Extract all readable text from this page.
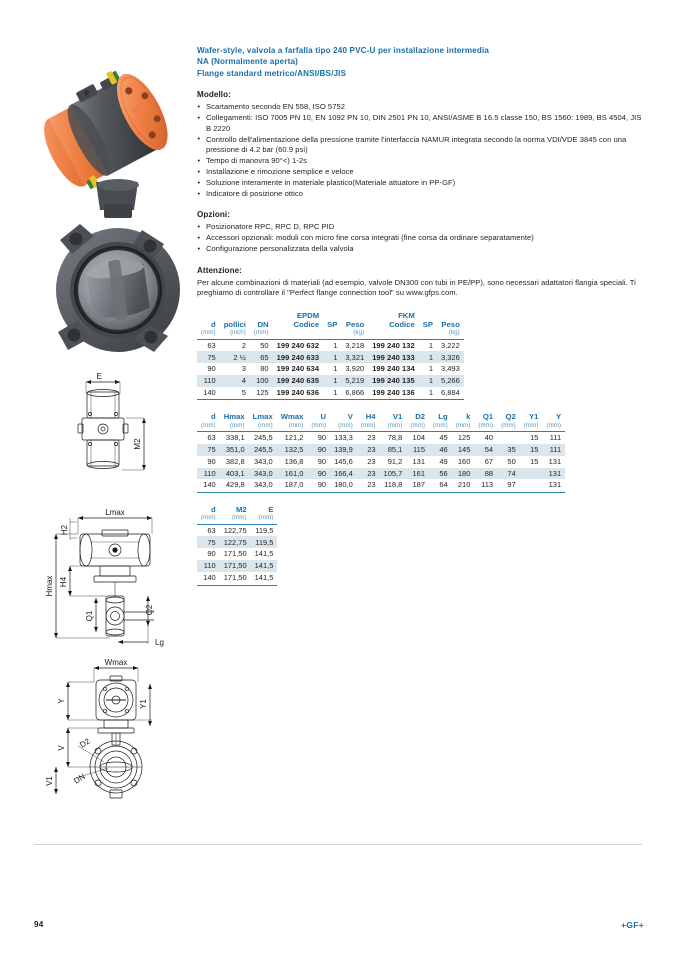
GF
240
Wafer-style, valvola a farfalla tipo 240 PVC-U per installazione intermedia
NA (Normalmente aperta)
Flange standard metrico/ANSI/BS/JIS
Modello:
• Scartamento secondo EN 558, ISO 5752
• Collegamenti: ISO 7005 PN 10, EN 1092 PN 10, DIN 2501 PN 10, ANSI/ASME B 16.5 classe 150, BS 1560: 1989, BS 4504, JIS B 2220
• Controllo dell'alimentazione della pressione tramite l'interfaccia NAMUR integrata secondo la norma VDI/VDE 3845 con una pressione di 4.2 bar (60.9 psi)
• Tempo di manovra 90°<) 1-2s
• Installazione e rimozione semplice e veloce
• Soluzione interamente in materiale plastico(Materiale attuatore in PP-GF)
• Indicatore di posizione ottico
Opzioni:
• Posizionatore RPC, RPC D, RPC PID
• Accessori opzionali: moduli con micro fine corsa integrati (fine corsa da ordinare separatamente)
• Configurazione personalizzata della valvola
Attenzione:

Per alcune combinazioni di materiali (ad esempio, valvole DN300 con tubi in PE/PP), sono necessari adattatori flangia speciali. Ti preghiamo di controllare il "Perfect flange connection tool" su www.gfps.com.

d
(mm)	pollici
(inch)	DN
(mm)	EPDM
Codice	SP	Peso
(kg)	FKM
Codice	SP	Peso
(kg)

63	2	50	199 240 632	1	3,218	199 240 132	1	3,222
75	2 ½	65	199 240 633	1	3,321	199 240 133	1	3,326
90	3	80	199 240 634	1	3,920	199 240 134	1	3,493
110	4	100	199 240 635	1	5,219	199 240 135	1	5,266
140	5	125	199 240 636	1	6,866	199 240 136	1	6,884
d
(mm)	Hmax
(mm)	Lmax
(mm)	Wmax
(mm)	U
(mm)	V
(mm)	H4
(mm)	V1
(mm)	D2
(mm)	Lg
(mm)	k
(mm)	Q1
(mm)	Q2
(mm)	Y1
(mm)	Y
(mm)

63	338,1	245,5	121,2	90	133,3	23	78,8	104	45	125	40		15	111
75	351,0	245,5	132,5	90	139,9	23	85,1	115	46	145	54	35	15	111
90	382,8	343,0	136,8	90	145,6	23	91,2	131	49	160	67	50	15	131
110	403,1	343,0	161,0	90	166,4	23	105,7	161	56	180	88	74		131
140	429,8	343,0	187,0	90	180,0	23	118,8	187	64	210	113	97		131
d
(mm)	M2
(mm)	E
(mm)

63	122,75	119,5
75	122,75	119,5
90	171,50	141,5
110	171,50	141,5
140	171,50	141,5
E
M2
Lmax
H2
Hmax H4
Q1
Q2
Lg
Wmax
Y	Y1
V
V1
D2
DN
94	+GF+
